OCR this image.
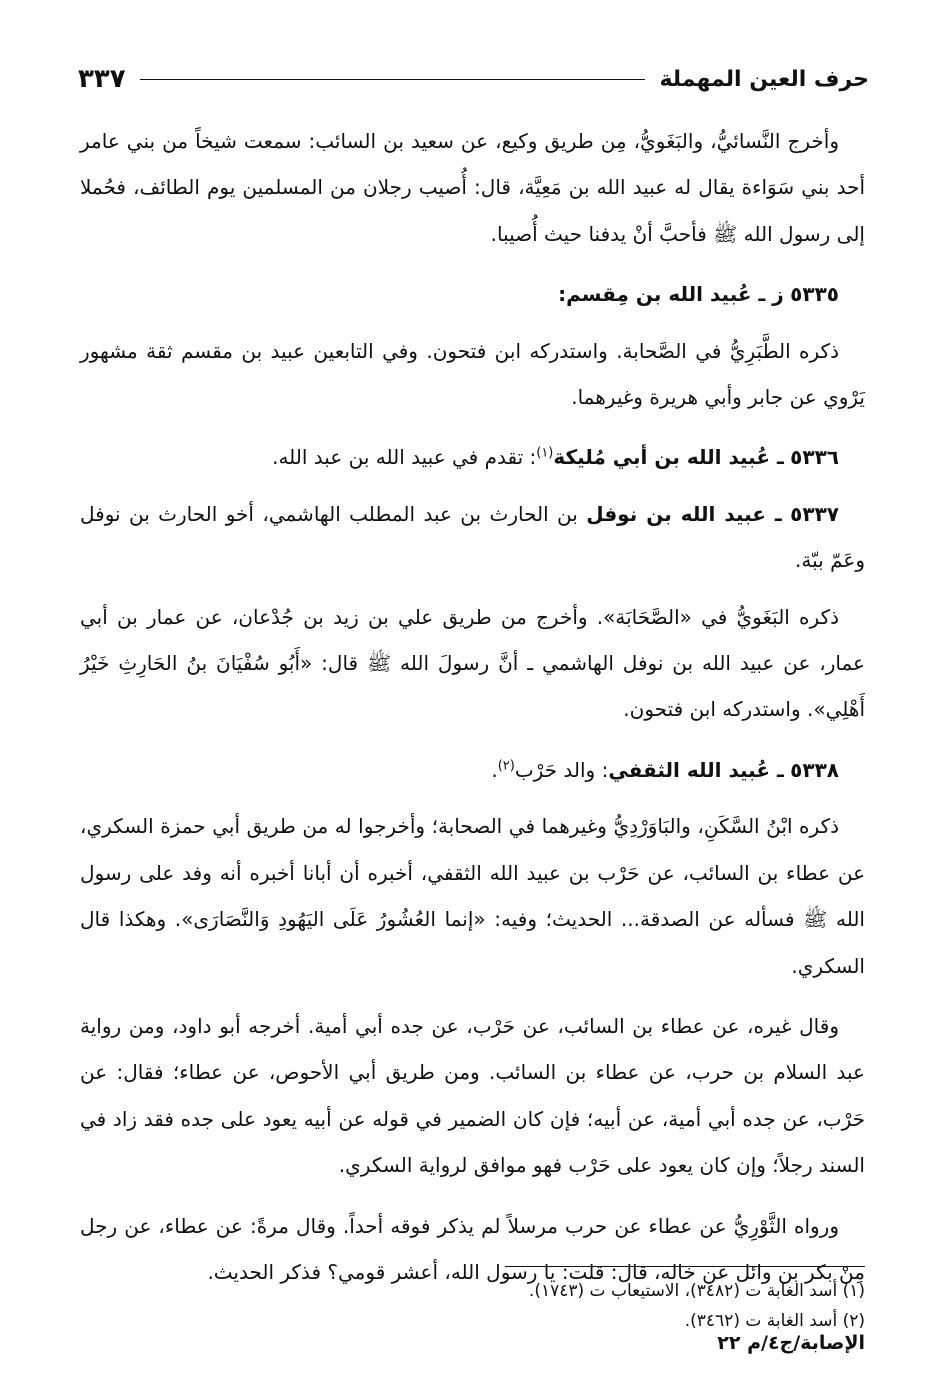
حرف العين المهملة
٣٣٧

وأخرج النَّسائيُّ، والبَغَويُّ، مِن طريق وكيع، عن سعيد بن السائب: سمعت شيخاً من بني عامر أحد بني سَوَاءة يقال له عبيد الله بن مَعِيَّة، قال: أُصيب رجلان من المسلمين يوم الطائف، فحُملا إلى رسول الله ﷺ فأحبَّ أنْ يدفنا حيث أُصيبا.

٥٣٣٥ ز ـ عُبيد الله بن مِقسم:

ذكره الطَّبَرِيُّ في الصَّحابة. واستدركه ابن فتحون. وفي التابعين عبيد بن مقسم ثقة مشهور يَرْوي عن جابر وأبي هريرة وغيرهما.

٥٣٣٦ ـ عُبيد الله بن أبي مُليكة$^{(١)}$: تقدم في عبيد الله بن عبد الله.

٥٣٣٧ ـ عبيد الله بن نوفل بن الحارث بن عبد المطلب الهاشمي، أخو الحارث بن نوفل وعَمّ ببّة.

ذكره البَغَويُّ في «الصَّحَابَة». وأخرج من طريق علي بن زيد بن جُدْعان، عن عمار بن أبي عمار، عن عبيد الله بن نوفل الهاشمي ـ أنَّ رسولَ الله ﷺ قال: «أَبُو سُفْيَانَ بنُ الحَارِثِ خَيْرُ أَهْلِي». واستدركه ابن فتحون.

٥٣٣٨ ـ عُبيد الله الثقفي: والد حَرْب$^{(٢)}$.

ذكره ابْنُ السَّكَنِ، والبَاوَرْدِيُّ وغيرهما في الصحابة؛ وأخرجوا له من طريق أبي حمزة السكري، عن عطاء بن السائب، عن حَرْب بن عبيد الله الثقفي، أخبره أن أبانا أخبره أنه وفد على رسول الله ﷺ فسأله عن الصدقة... الحديث؛ وفيه: «إنما العُشُورُ عَلَى اليَهُودِ وَالنَّصَارَى». وهكذا قال السكري.

وقال غيره، عن عطاء بن السائب، عن حَرْب، عن جده أبي أمية. أخرجه أبو داود، ومن رواية عبد السلام بن حرب، عن عطاء بن السائب. ومن طريق أبي الأحوص، عن عطاء؛ فقال: عن حَرْب، عن جده أبي أمية، عن أبيه؛ فإن كان الضمير في قوله عن أبيه يعود على جده فقد زاد في السند رجلاً؛ وإن كان يعود على حَرْب فهو موافق لرواية السكري.

ورواه الثَّوْرِيُّ عن عطاء عن حرب مرسلاً لم يذكر فوقه أحداً. وقال مرةً: عن عطاء، عن رجل مِنْ بكر بن وائل عن خاله، قال: قلت: يا رسول الله، أعشر قومي؟ فذكر الحديث.

(١) أسد الغابة ت (٣٤٨٢)، الاستيعاب ت (١٧٤٣).
(٢) أسد الغابة ت (٣٤٦٢).
الإصابة/ج٤/م ٢٢
